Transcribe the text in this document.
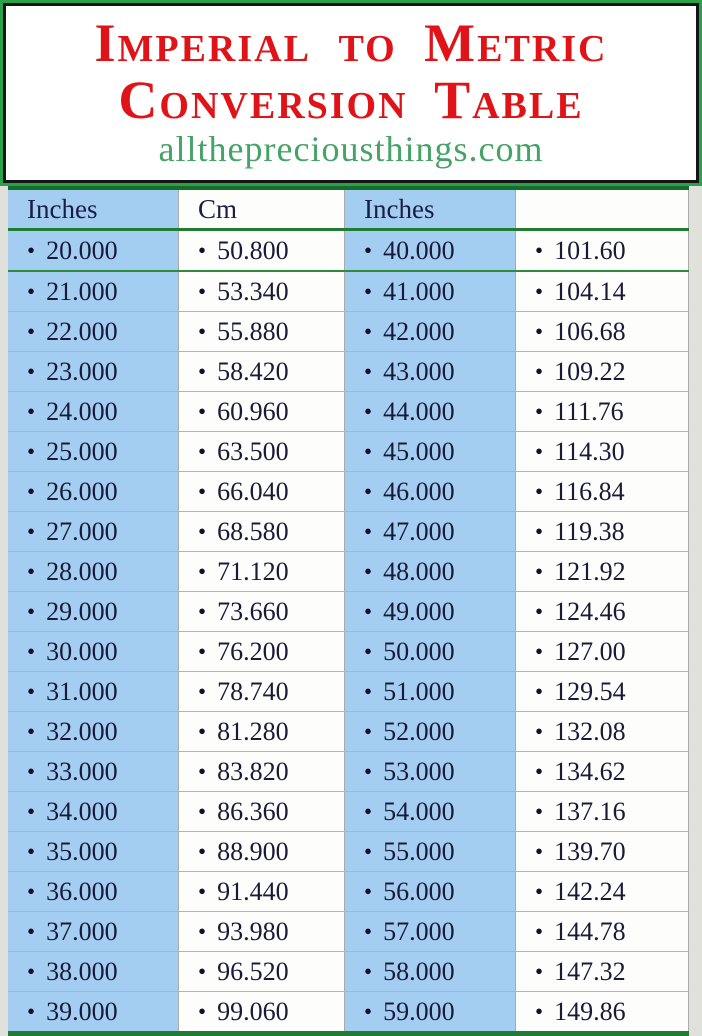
Imperial to Metric
Conversion Table
allthepreciousthings.com
Inches	Cm	Inches
• 20.000	• 50.800	• 40.000	• 101.60
• 21.000	• 53.340	• 41.000	• 104.14
• 22.000	• 55.880	• 42.000	• 106.68
• 23.000	• 58.420	• 43.000	• 109.22
• 24.000	• 60.960	• 44.000	• 111.76
• 25.000	• 63.500	• 45.000	• 114.30
• 26.000	• 66.040	• 46.000	• 116.84
• 27.000	• 68.580	• 47.000	• 119.38
• 28.000	• 71.120	• 48.000	• 121.92
• 29.000	• 73.660	• 49.000	• 124.46
• 30.000	• 76.200	• 50.000	• 127.00
• 31.000	• 78.740	• 51.000	• 129.54
• 32.000	• 81.280	• 52.000	• 132.08
• 33.000	• 83.820	• 53.000	• 134.62
• 34.000	• 86.360	• 54.000	• 137.16
• 35.000	• 88.900	• 55.000	• 139.70
• 36.000	• 91.440	• 56.000	• 142.24
• 37.000	• 93.980	• 57.000	• 144.78
• 38.000	• 96.520	• 58.000	• 147.32
• 39.000	• 99.060	• 59.000	• 149.86
